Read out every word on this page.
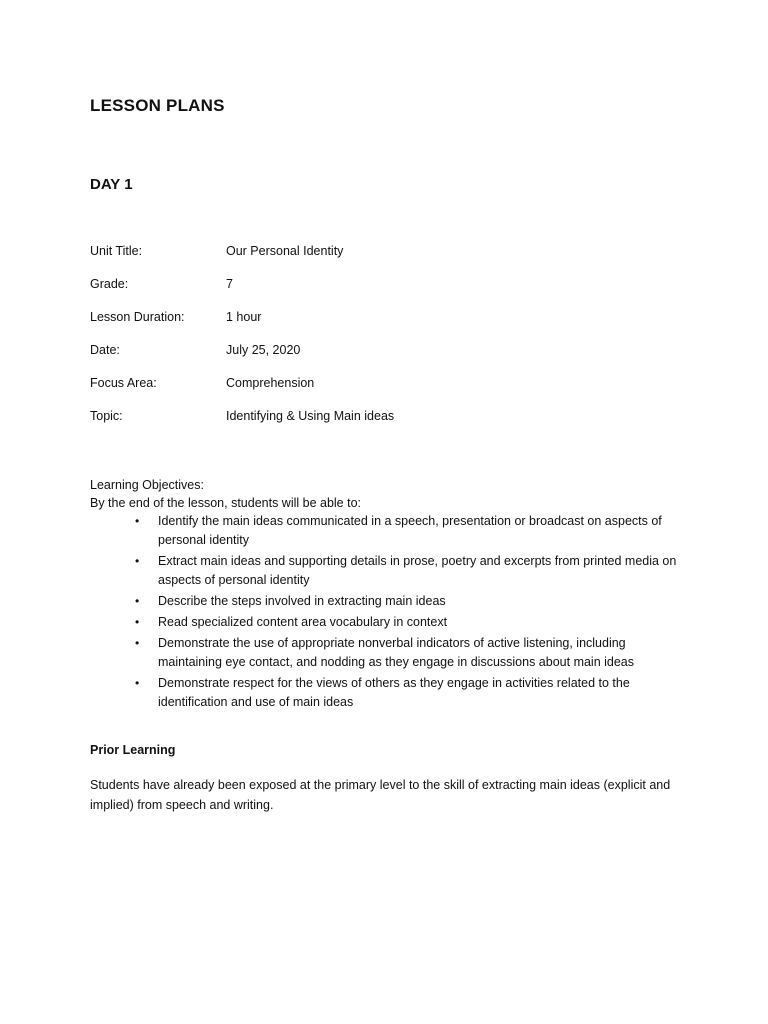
LESSON PLANS
DAY 1
Unit Title:	Our Personal Identity
Grade:	7
Lesson Duration:	1 hour
Date:	July 25, 2020
Focus Area:	Comprehension
Topic:	Identifying & Using Main ideas
Learning Objectives:
By the end of the lesson, students will be able to:
• Identify the main ideas communicated in a speech, presentation or broadcast on aspects of personal identity
• Extract main ideas and supporting details in prose, poetry and excerpts from printed media on aspects of personal identity
• Describe the steps involved in extracting main ideas
• Read specialized content area vocabulary in context
• Demonstrate the use of appropriate nonverbal indicators of active listening, including maintaining eye contact, and nodding as they engage in discussions about main ideas
• Demonstrate respect for the views of others as they engage in activities related to the identification and use of main ideas
Prior Learning
Students have already been exposed at the primary level to the skill of extracting main ideas (explicit and implied) from speech and writing.
